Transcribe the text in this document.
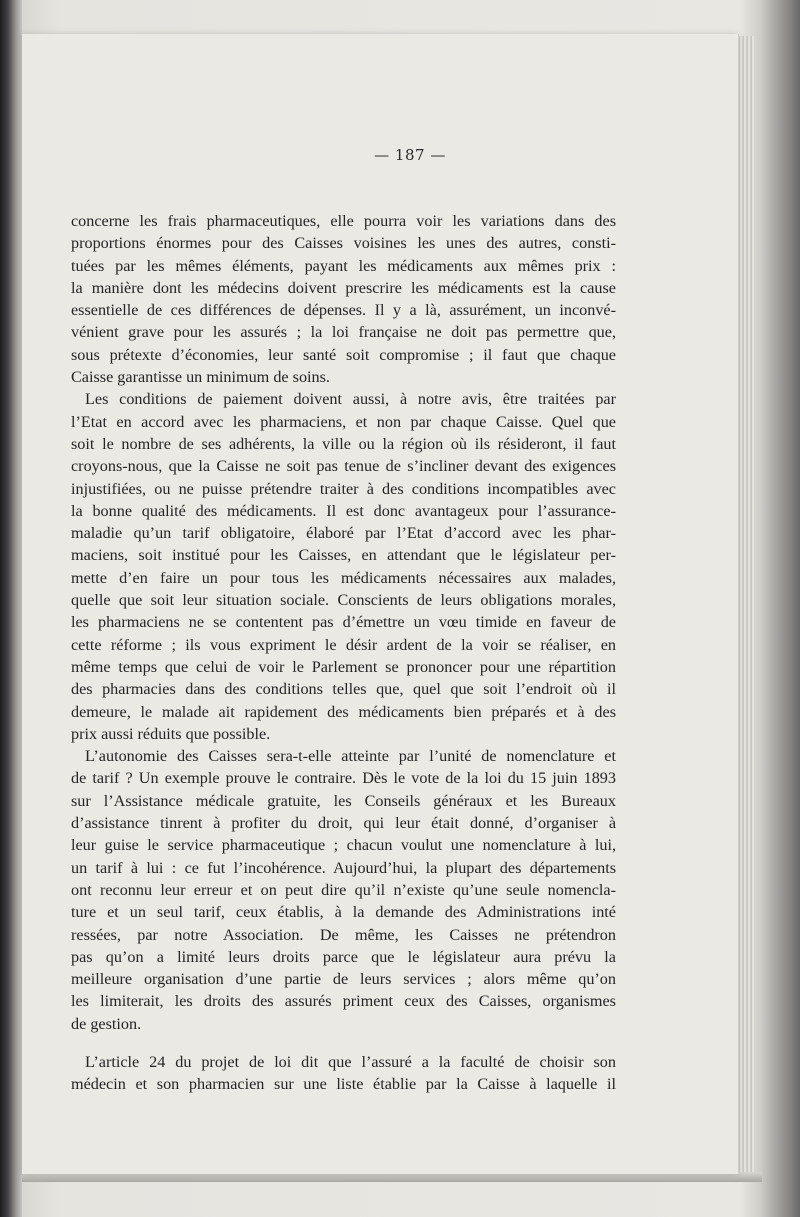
— 187 —
concerne les frais pharmaceutiques, elle pourra voir les variations dans des
proportions énormes pour des Caisses voisines les unes des autres, consti-
tuées par les mêmes éléments, payant les médicaments aux mêmes prix :
la manière dont les médecins doivent prescrire les médicaments est la cause
essentielle de ces différences de dépenses. Il y a là, assurément, un inconvé-
vénient grave pour les assurés ; la loi française ne doit pas permettre que,
sous prétexte d’économies, leur santé soit compromise ; il faut que chaque
Caisse garantisse un minimum de soins.
Les conditions de paiement doivent aussi, à notre avis, être traitées par
l’Etat en accord avec les pharmaciens, et non par chaque Caisse. Quel que
soit le nombre de ses adhérents, la ville ou la région où ils résideront, il faut
croyons-nous, que la Caisse ne soit pas tenue de s’incliner devant des exigences
injustifiées, ou ne puisse prétendre traiter à des conditions incompatibles avec
la bonne qualité des médicaments. Il est donc avantageux pour l’assurance-
maladie qu’un tarif obligatoire, élaboré par l’Etat d’accord avec les phar-
maciens, soit institué pour les Caisses, en attendant que le législateur per-
mette d’en faire un pour tous les médicaments nécessaires aux malades,
quelle que soit leur situation sociale. Conscients de leurs obligations morales,
les pharmaciens ne se contentent pas d’émettre un vœu timide en faveur de
cette réforme ; ils vous expriment le désir ardent de la voir se réaliser, en
même temps que celui de voir le Parlement se prononcer pour une répartition
des pharmacies dans des conditions telles que, quel que soit l’endroit où il
demeure, le malade ait rapidement des médicaments bien préparés et à des
prix aussi réduits que possible.
L’autonomie des Caisses sera-t-elle atteinte par l’unité de nomenclature et
de tarif ? Un exemple prouve le contraire. Dès le vote de la loi du 15 juin 1893
sur l’Assistance médicale gratuite, les Conseils généraux et les Bureaux
d’assistance tinrent à profiter du droit, qui leur était donné, d’organiser à
leur guise le service pharmaceutique ; chacun voulut une nomenclature à lui,
un tarif à lui : ce fut l’incohérence. Aujourd’hui, la plupart des départements
ont reconnu leur erreur et on peut dire qu’il n’existe qu’une seule nomencla-
ture et un seul tarif, ceux établis, à la demande des Administrations inté
ressées, par notre Association. De même, les Caisses ne prétendron
pas qu’on a limité leurs droits parce que le législateur aura prévu la
meilleure organisation d’une partie de leurs services ; alors même qu’on
les limiterait, les droits des assurés priment ceux des Caisses, organismes
de gestion.
L’article 24 du projet de loi dit que l’assuré a la faculté de choisir son
médecin et son pharmacien sur une liste établie par la Caisse à laquelle il
